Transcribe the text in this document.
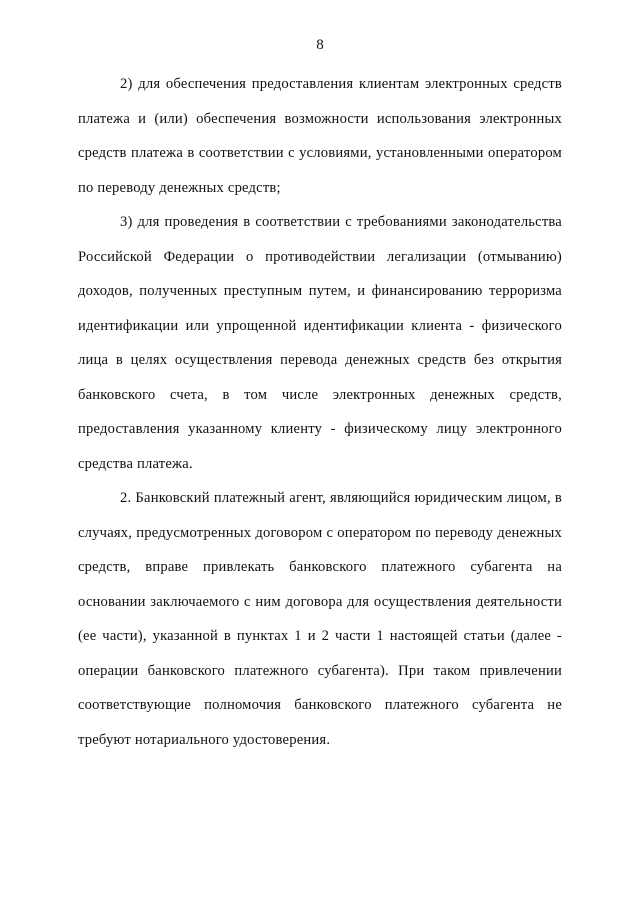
8

2) для обеспечения предоставления клиентам электронных средств платежа и (или) обеспечения возможности использования электронных средств платежа в соответствии с условиями, установленными оператором по переводу денежных средств;

3) для проведения в соответствии с требованиями законодательства Российской Федерации о противодействии легализации (отмыванию) доходов, полученных преступным путем, и финансированию терроризма идентификации или упрощенной идентификации клиента - физического лица в целях осуществления перевода денежных средств без открытия банковского счета, в том числе электронных денежных средств, предоставления указанному клиенту - физическому лицу электронного средства платежа.

2. Банковский платежный агент, являющийся юридическим лицом, в случаях, предусмотренных договором с оператором по переводу денежных средств, вправе привлекать банковского платежного субагента на основании заключаемого с ним договора для осуществления деятельности (ее части), указанной в пунктах 1 и 2 части 1 настоящей статьи (далее - операции банковского платежного субагента). При таком привлечении соответствующие полномочия банковского платежного субагента не требуют нотариального удостоверения.
